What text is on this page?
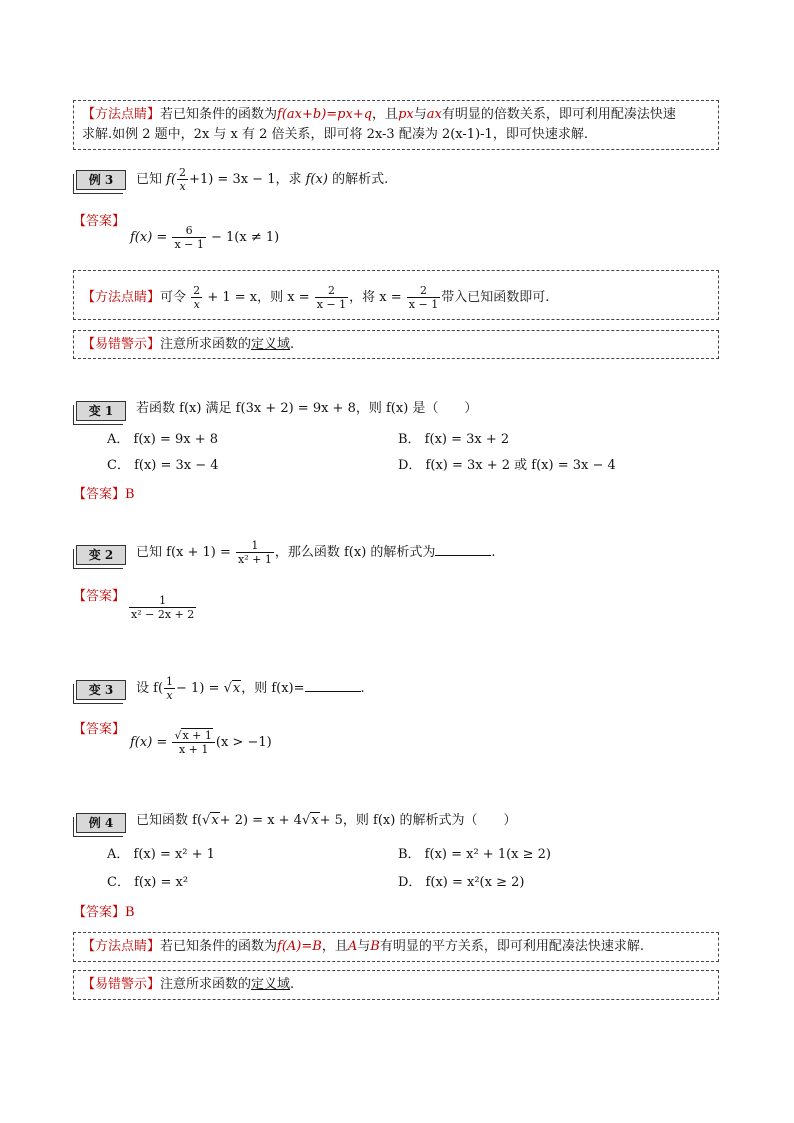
【方法点睛】若已知条件的函数为f(ax+b)=px+q，且px与ax有明显的倍数关系，即可利用配凑法快速
求解.如例 2 题中，2x 与 x 有 2 倍关系，即可将 2x-3 配凑为 2(x-1)-1，即可快速求解.
例 3	已知 $f( \frac{2}{x} +1) = 3x - 1$，求 f(x) 的解析式.
【答案】
$f(x) = \frac{6}{x - 1} - 1(x \ne 1)$
【方法点睛】可令 $\frac{2}{x} + 1 = x$，则 $x = \frac{2}{x - 1}$ ，将 $x = \frac{2}{x - 1}$ 带入已知函数即可.
【易错警示】注意所求函数的定义域.
变 1	若函数 f(x) 满足 f(3x + 2) = 9x + 8，则 f(x) 是（　　）
A． f(x) = 9x + 8	B． f(x) = 3x + 2
C． f(x) = 3x − 4	D． f(x) = 3x + 2 或 f(x) = 3x − 4
【答案】B
变 2	已知 $f(x + 1) = \frac{1}{\text{x² + 1}}$ ，那么函数 f(x) 的解析式为	.
【答案】 $\frac{1}{\text{x² − 2x + 2}}$
变 3	设 $f( \frac{1}{x} - 1) = √x$，则 f(x)=	.
【答案】
$f(x) = \frac{√x + 1}{x + 1} (x > -1)$
例 4	已知函数 f(√x+ 2) = x + 4√x+ 5，则 f(x) 的解析式为（　　）
A． f(x) = x² + 1	B． f(x) = x² + 1(x ≥ 2)
C． f(x) = x²	D． f(x) = x²(x ≥ 2)
【答案】B
【方法点睛】若已知条件的函数为f(A)=B，且A与B有明显的平方关系，即可利用配凑法快速求解.
【易错警示】注意所求函数的定义域.
